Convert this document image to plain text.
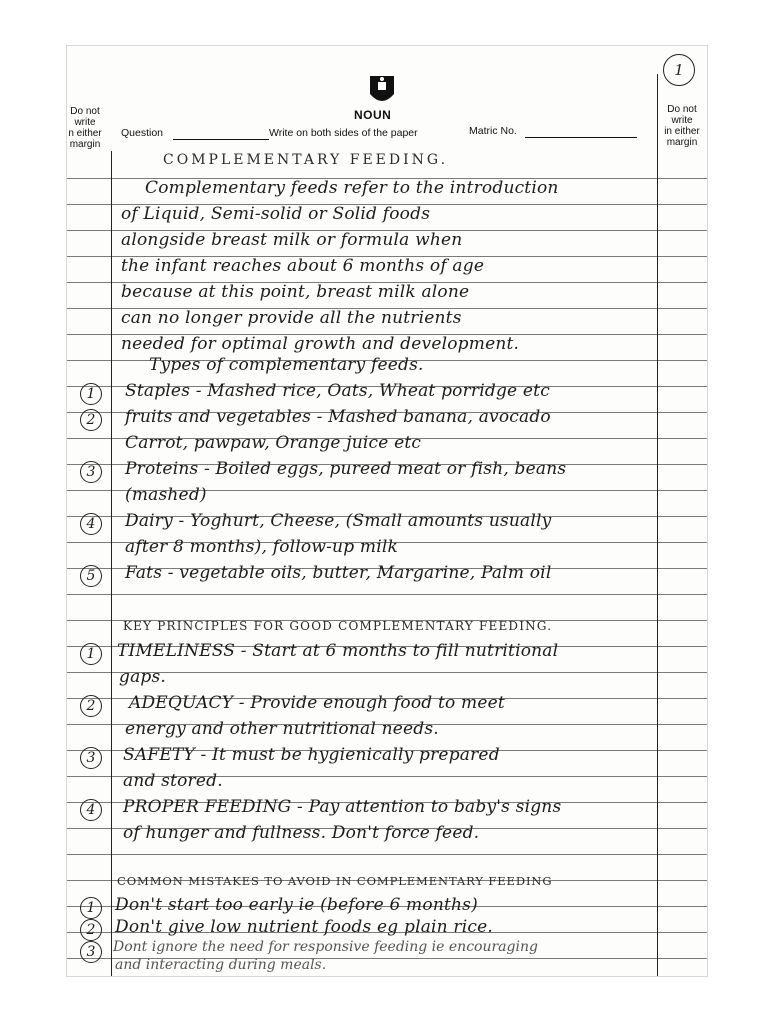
1
NOUN
Do not
write
n either
margin
Do not
write
in either
margin
Question	Write on both sides of the paper	Matric No.
COMPLEMENTARY FEEDING.
Complementary feeds refer to the introduction
of Liquid, Semi-solid or Solid foods
alongside breast milk or formula when
the infant reaches about 6 months of age
because at this point, breast milk alone
can no longer provide all the nutrients
needed for optimal growth and development.
Types of complementary feeds.
1	Staples - Mashed rice, Oats, Wheat porridge etc
2	fruits and vegetables - Mashed banana, avocado
Carrot, pawpaw, Orange juice etc
3	Proteins - Boiled eggs, pureed meat or fish, beans
(mashed)
4	Dairy - Yoghurt, Cheese, (Small amounts usually
after 8 months), follow-up milk
5	Fats - vegetable oils, butter, Margarine, Palm oil
KEY PRINCIPLES FOR GOOD COMPLEMENTARY FEEDING.
1	TIMELINESS - Start at 6 months to fill nutritional
gaps.
2	ADEQUACY - Provide enough food to meet
energy and other nutritional needs.
3	SAFETY - It must be hygienically prepared
and stored.
4	PROPER FEEDING - Pay attention to baby's signs
of hunger and fullness. Don't force feed.
COMMON MISTAKES TO AVOID IN COMPLEMENTARY FEEDING
1	Don't start too early ie (before 6 months)
2	Don't give low nutrient foods eg plain rice.
3	Dont ignore the need for responsive feeding ie encouraging
and interacting during meals.
